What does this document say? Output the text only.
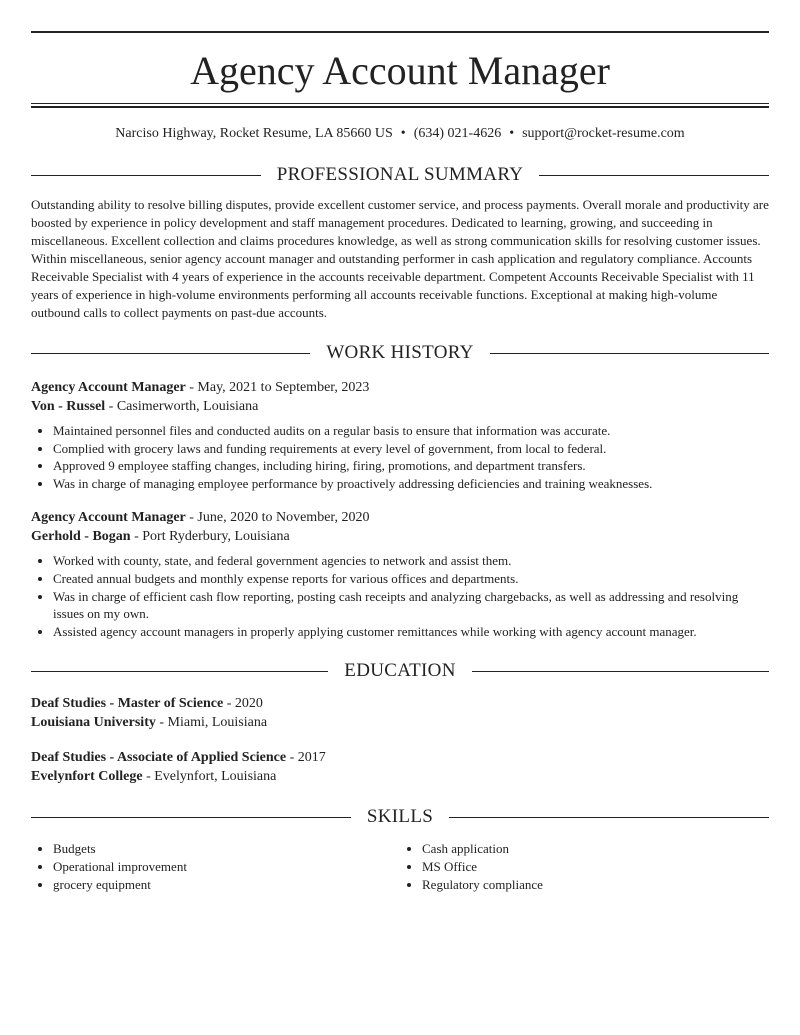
Agency Account Manager
Narciso Highway, Rocket Resume, LA 85660 US • (634) 021-4626 • support@rocket-resume.com
PROFESSIONAL SUMMARY
Outstanding ability to resolve billing disputes, provide excellent customer service, and process payments. Overall morale and productivity are boosted by experience in policy development and staff management procedures. Dedicated to learning, growing, and succeeding in miscellaneous. Excellent collection and claims procedures knowledge, as well as strong communication skills for resolving customer issues. Within miscellaneous, senior agency account manager and outstanding performer in cash application and regulatory compliance. Accounts Receivable Specialist with 4 years of experience in the accounts receivable department. Competent Accounts Receivable Specialist with 11 years of experience in high-volume environments performing all accounts receivable functions. Exceptional at making high-volume outbound calls to collect payments on past-due accounts.
WORK HISTORY
Agency Account Manager - May, 2021 to September, 2023
Von - Russel - Casimerworth, Louisiana
• Maintained personnel files and conducted audits on a regular basis to ensure that information was accurate.
• Complied with grocery laws and funding requirements at every level of government, from local to federal.
• Approved 9 employee staffing changes, including hiring, firing, promotions, and department transfers.
• Was in charge of managing employee performance by proactively addressing deficiencies and training weaknesses.
Agency Account Manager - June, 2020 to November, 2020
Gerhold - Bogan - Port Ryderbury, Louisiana
• Worked with county, state, and federal government agencies to network and assist them.
• Created annual budgets and monthly expense reports for various offices and departments.
• Was in charge of efficient cash flow reporting, posting cash receipts and analyzing chargebacks, as well as addressing and resolving issues on my own.
• Assisted agency account managers in properly applying customer remittances while working with agency account manager.
EDUCATION
Deaf Studies - Master of Science - 2020
Louisiana University - Miami, Louisiana
Deaf Studies - Associate of Applied Science - 2017
Evelynfort College - Evelynfort, Louisiana
SKILLS
• Budgets
• Operational improvement
• grocery equipment
• Cash application
• MS Office
• Regulatory compliance
